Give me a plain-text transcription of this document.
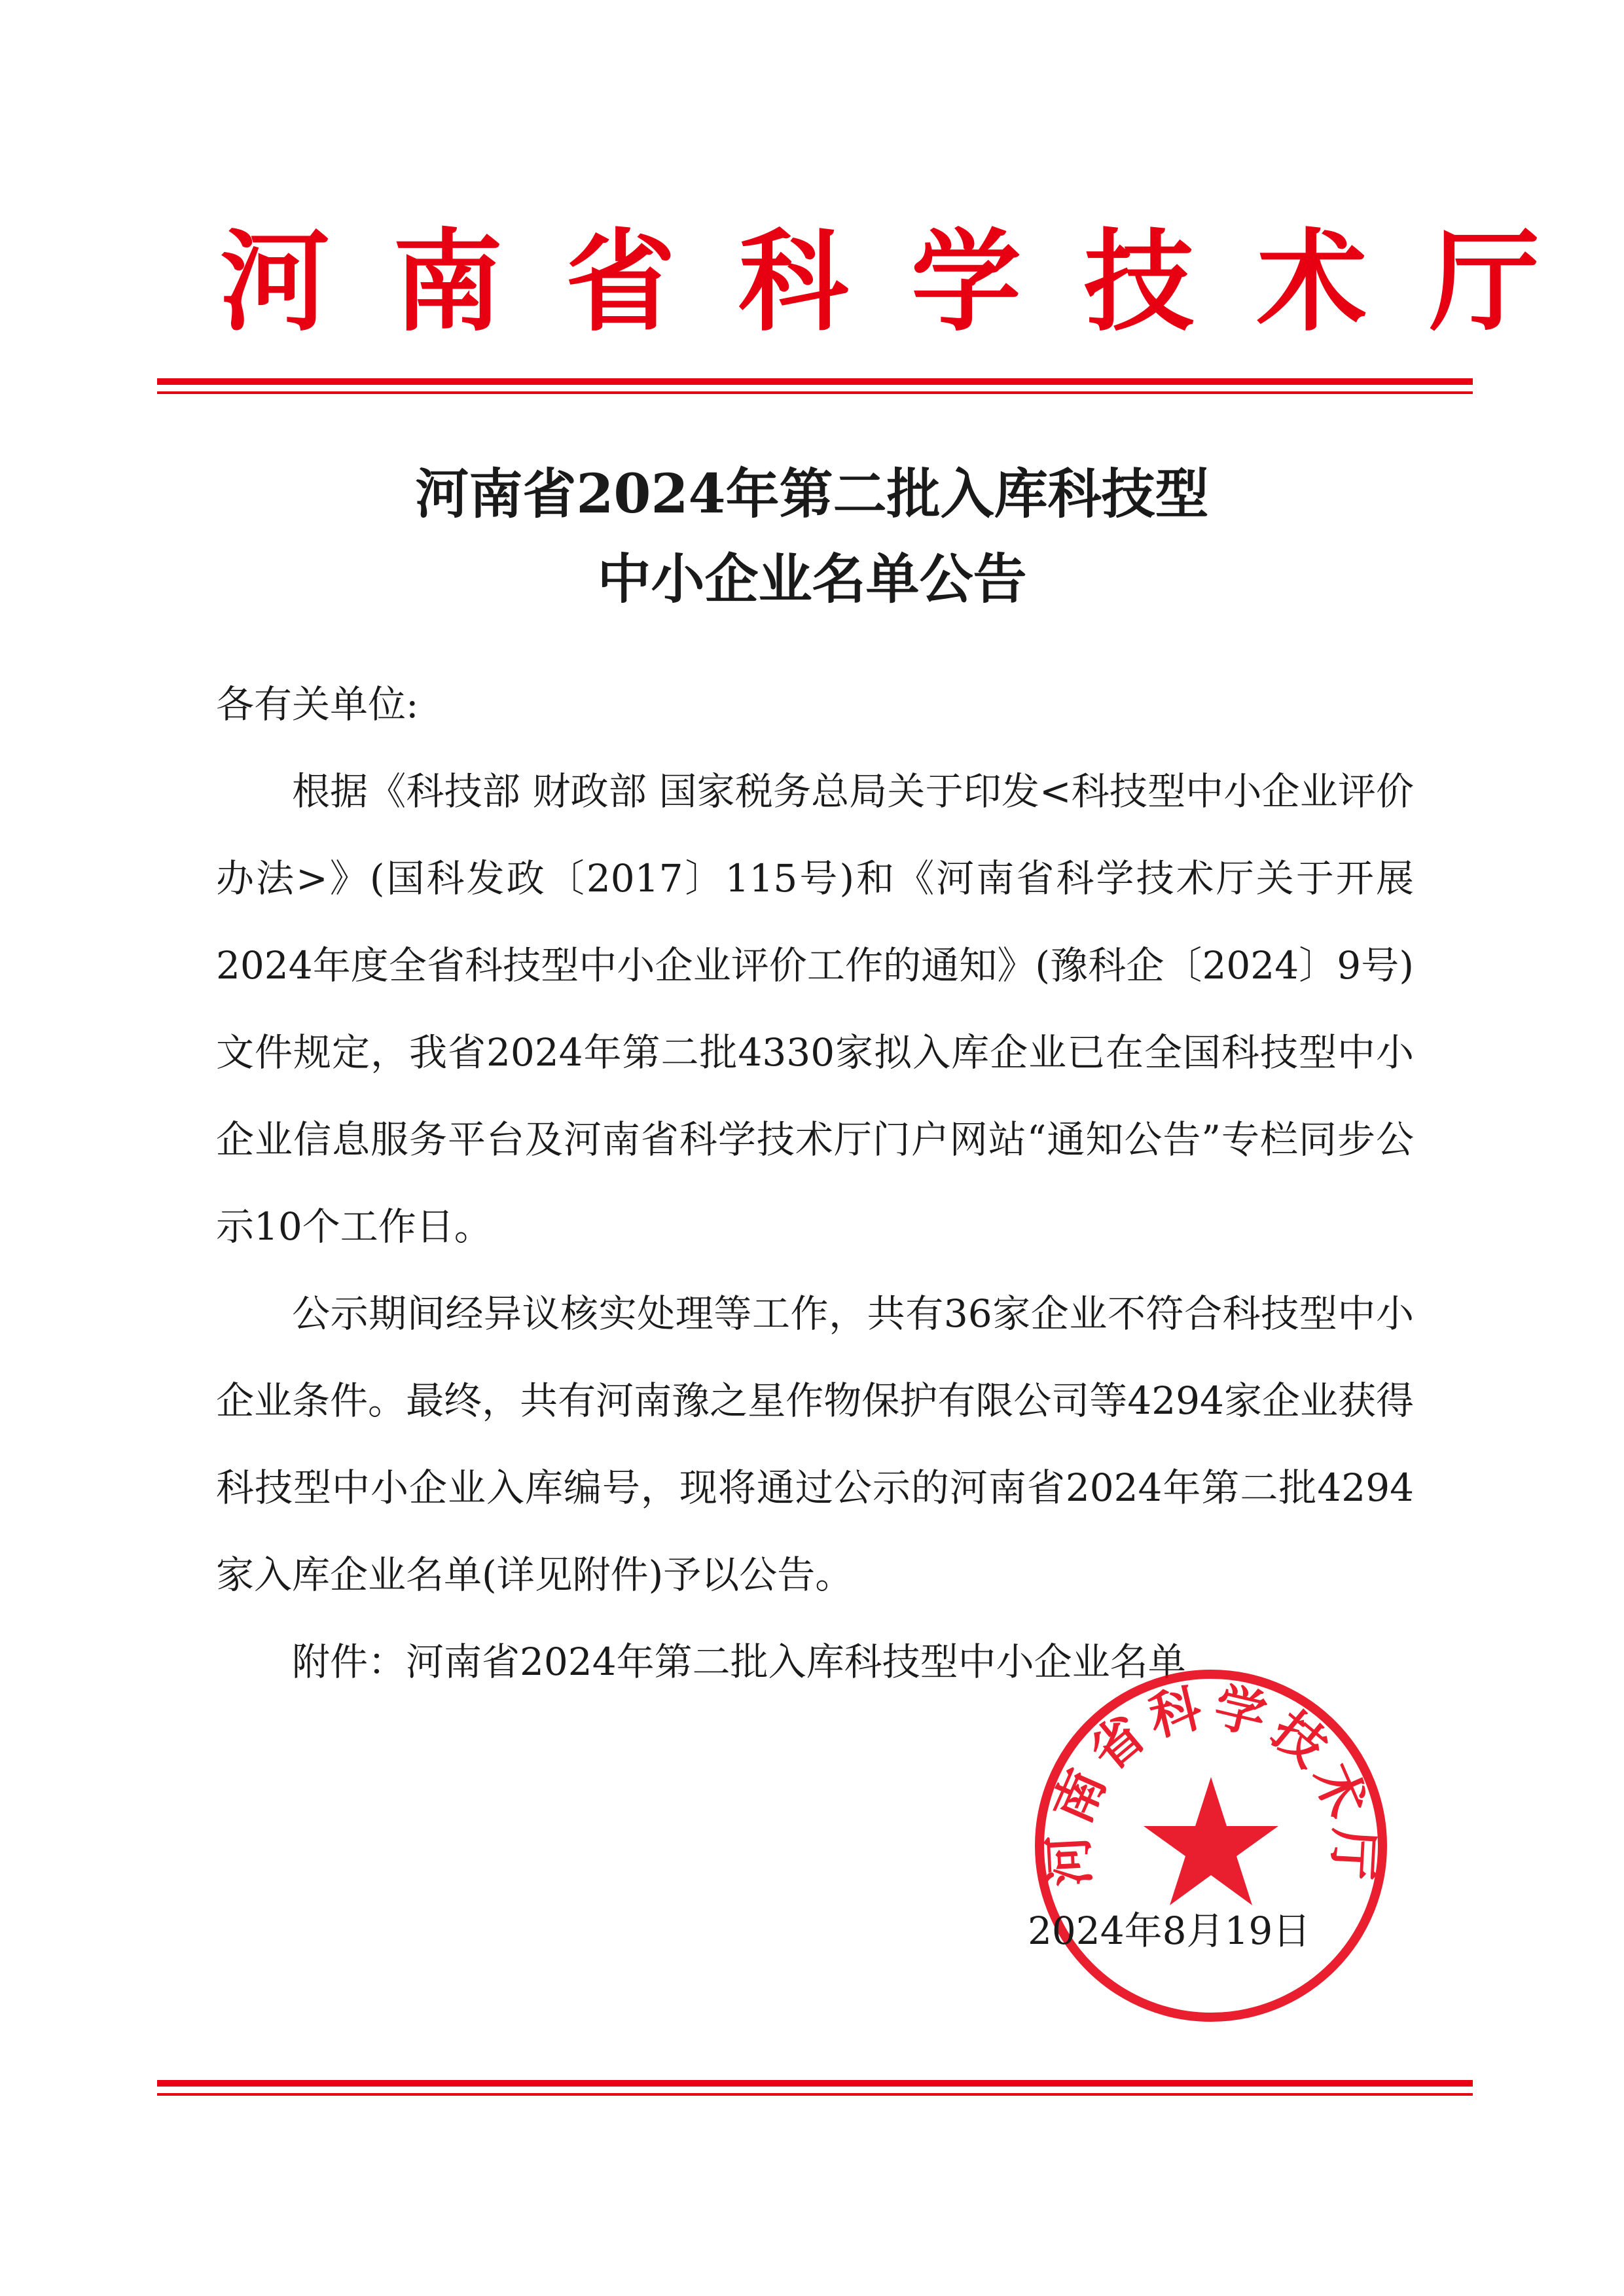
河南省科学技术厅
河南省2024年第二批入库科技型
中小企业名单公告

各有关单位:

根据《科技部 财政部 国家税务总局关于印发<科技型中小企业评价办法>》(国科发政〔2017〕115号)和《河南省科学技术厅关于开展2024年度全省科技型中小企业评价工作的通知》(豫科企〔2024〕9号)文件规定，我省2024年第二批4330家拟入库企业已在全国科技型中小企业信息服务平台及河南省科学技术厅门户网站“通知公告”专栏同步公示10个工作日。

公示期间经异议核实处理等工作，共有36家企业不符合科技型中小企业条件。最终，共有河南豫之星作物保护有限公司等4294家企业获得科技型中小企业入库编号，现将通过公示的河南省2024年第二批4294家入库企业名单(详见附件)予以公告。

附件：河南省2024年第二批入库科技型中小企业名单

河南省科学技术厅
2024年8月19日
